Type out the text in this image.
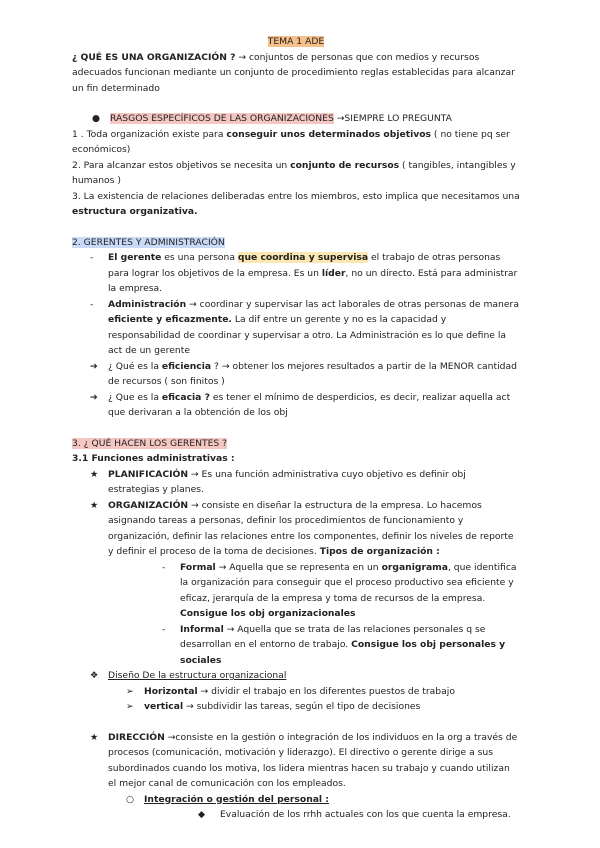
TEMA 1 ADE

¿ QUÉ ES UNA ORGANIZACIÓN ? → conjuntos de personas que con medios y recursos adecuados funcionan mediante un conjunto de procedimiento reglas establecidas para alcanzar un fin determinado

●	RASGOS ESPECÍFICOS DE LAS ORGANIZACIONES →SIEMPRE LO PREGUNTA

1 . Toda organización existe para conseguir unos determinados objetivos ( no tiene pq ser económicos)

2. Para alcanzar estos objetivos se necesita un conjunto de recursos ( tangibles, intangibles y humanos )

3. La existencia de relaciones deliberadas entre los miembros, esto implica que necesitamos una estructura organizativa.

2. GERENTES Y ADMINISTRACIÓN

-	El gerente es una persona que coordina y supervisa el trabajo de otras personas para lograr los objetivos de la empresa. Es un líder, no un directo. Está para administrar la empresa.
-	Administración → coordinar y supervisar las act laborales de otras personas de manera eficiente y eficazmente. La dif entre un gerente y no es la capacidad y responsabilidad de coordinar y supervisar a otro. La Administración es lo que define la act de un gerente
➔	¿ Qué es la eficiencia ? → obtener los mejores resultados a partir de la MENOR cantidad de recursos ( son finitos )
➔	¿ Que es la eficacia ? es tener el mínimo de desperdicios, es decir, realizar aquella act que derivaran a la obtención de los obj

3. ¿ QUÉ HACEN LOS GERENTES ?

3.1 Funciones administrativas :

★	PLANIFICACIÓN → Es una función administrativa cuyo objetivo es definir obj estrategias y planes.
★	ORGANIZACIÓN → consiste en diseñar la estructura de la empresa. Lo hacemos asignando tareas a personas, definir los procedimientos de funcionamiento y organización, definir las relaciones entre los componentes, definir los niveles de reporte y definir el proceso de la toma de decisiones. Tipos de organización :
-	Formal → Aquella que se representa en un organigrama, que identifica la organización para conseguir que el proceso productivo sea eficiente y eficaz, jerarquía de la empresa y toma de recursos de la empresa. Consigue los obj organizacionales
-	Informal → Aquella que se trata de las relaciones personales q se desarrollan en el entorno de trabajo. Consigue los obj personales y sociales
❖	Diseño De la estructura organizacional
➢	Horizontal → dividir el trabajo en los diferentes puestos de trabajo
➢	vertical → subdividir las tareas, según el tipo de decisiones
★	DIRECCIÓN →consiste en la gestión o integración de los individuos en la org a través de procesos (comunicación, motivación y liderazgo). El directivo o gerente dirige a sus subordinados cuando los motiva, los lidera mientras hacen su trabajo y cuando utilizan el mejor canal de comunicación con los empleados.
○	Integración o gestión del personal :
◆	Evaluación de los rrhh actuales con los que cuenta la empresa.
